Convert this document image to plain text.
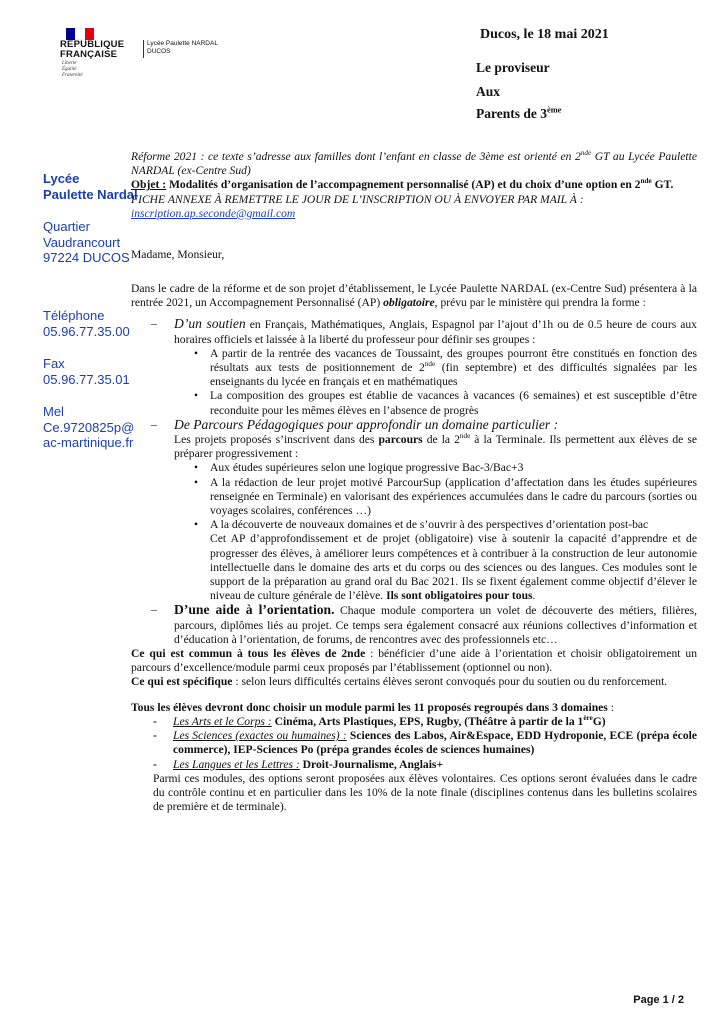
RÉPUBLIQUE
FRANÇAISE
Liberté
Égalité
Fraternité
Lycée Paulette NARDAL
DUCOS
Ducos, le 18 mai 2021
Le proviseur
Aux
Parents de 3ème
Lycée
Paulette Nardal
Quartier
Vaudrancourt
97224 DUCOS
Téléphone
05.96.77.35.00
Fax
05.96.77.35.01
Mel
Ce.9720825p@
ac-martinique.fr

Réforme 2021 : ce texte s’adresse aux familles dont l’enfant en classe de 3ème est orienté en 2nde GT au Lycée Paulette NARDAL (ex-Centre Sud)

Objet : Modalités d’organisation de l’accompagnement personnalisé (AP) et du choix d’une option en 2nde GT.

FICHE ANNEXE À REMETTRE LE JOUR DE L’INSCRIPTION OU À ENVOYER PAR MAIL À :

inscription.ap.seconde@gmail.com

Madame, Monsieur,

Dans le cadre de la réforme et de son projet d’établissement, le Lycée Paulette NARDAL (ex-Centre Sud) présentera à la rentrée 2021, un Accompagnement Personnalisé (AP) obligatoire, prévu par le ministère qui prendra la forme :

– D’un soutien en Français, Mathématiques, Anglais, Espagnol par l’ajout d’1h ou de 0.5 heure de cours aux horaires officiels et laissée à la liberté du professeur pour définir ses groupes :
• A partir de la rentrée des vacances de Toussaint, des groupes pourront être constitués en fonction des résultats aux tests de positionnement de 2nde (fin septembre) et des difficultés signalées par les enseignants du lycée en français et en mathématiques
• La composition des groupes est établie de vacances à vacances (6 semaines) et est susceptible d’être reconduite pour les mêmes élèves en l’absence de progrès
– De Parcours Pédagogiques pour approfondir un domaine particulier :
Les projets proposés s’inscrivent dans des parcours de la 2nde à la Terminale. Ils permettent aux élèves de se préparer progressivement :
• Aux études supérieures selon une logique progressive Bac-3/Bac+3
• A la rédaction de leur projet motivé ParcourSup (application d’affectation dans les études supérieures renseignée en Terminale) en valorisant des expériences accumulées dans le cadre du parcours (sorties ou voyages scolaires, conférences …)
• A la découverte de nouveaux domaines et de s’ouvrir à des perspectives d’orientation post-bac
Cet AP d’approfondissement et de projet (obligatoire) vise à soutenir la capacité d’apprendre et de progresser des élèves, à améliorer leurs compétences et à contribuer à la construction de leur autonomie intellectuelle dans le domaine des arts et du corps ou des sciences ou des langues. Ces modules sont le support de la préparation au grand oral du Bac 2021. Ils se fixent également comme objectif d’élever le niveau de culture générale de l’élève. Ils sont obligatoires pour tous.
– D’une aide à l’orientation. Chaque module comportera un volet de découverte des métiers, filières, parcours, diplômes liés au projet. Ce temps sera également consacré aux réunions collectives d’information et d’éducation à l’orientation, de forums, de rencontres avec des professionnels etc…

Ce qui est commun à tous les élèves de 2nde : bénéficier d’une aide à l’orientation et choisir obligatoirement un parcours d’excellence/module parmi ceux proposés par l’établissement (optionnel ou non).

Ce qui est spécifique : selon leurs difficultés certains élèves seront convoqués pour du soutien ou du renforcement.

Tous les élèves devront donc choisir un module parmi les 11 proposés regroupés dans 3 domaines :

- Les Arts et le Corps : Cinéma, Arts Plastiques, EPS, Rugby, (Théâtre à partir de la 1èreG)
- Les Sciences (exactes ou humaines) : Sciences des Labos, Air&Espace, EDD Hydroponie, ECE (prépa école commerce), IEP-Sciences Po (prépa grandes écoles de sciences humaines)
- Les Langues et les Lettres : Droit-Journalisme, Anglais+
Parmi ces modules, des options seront proposées aux élèves volontaires. Ces options seront évaluées dans le cadre du contrôle continu et en particulier dans les 10% de la note finale (disciplines contenus dans les bulletins scolaires de première et de terminale).
Page 1 / 2
